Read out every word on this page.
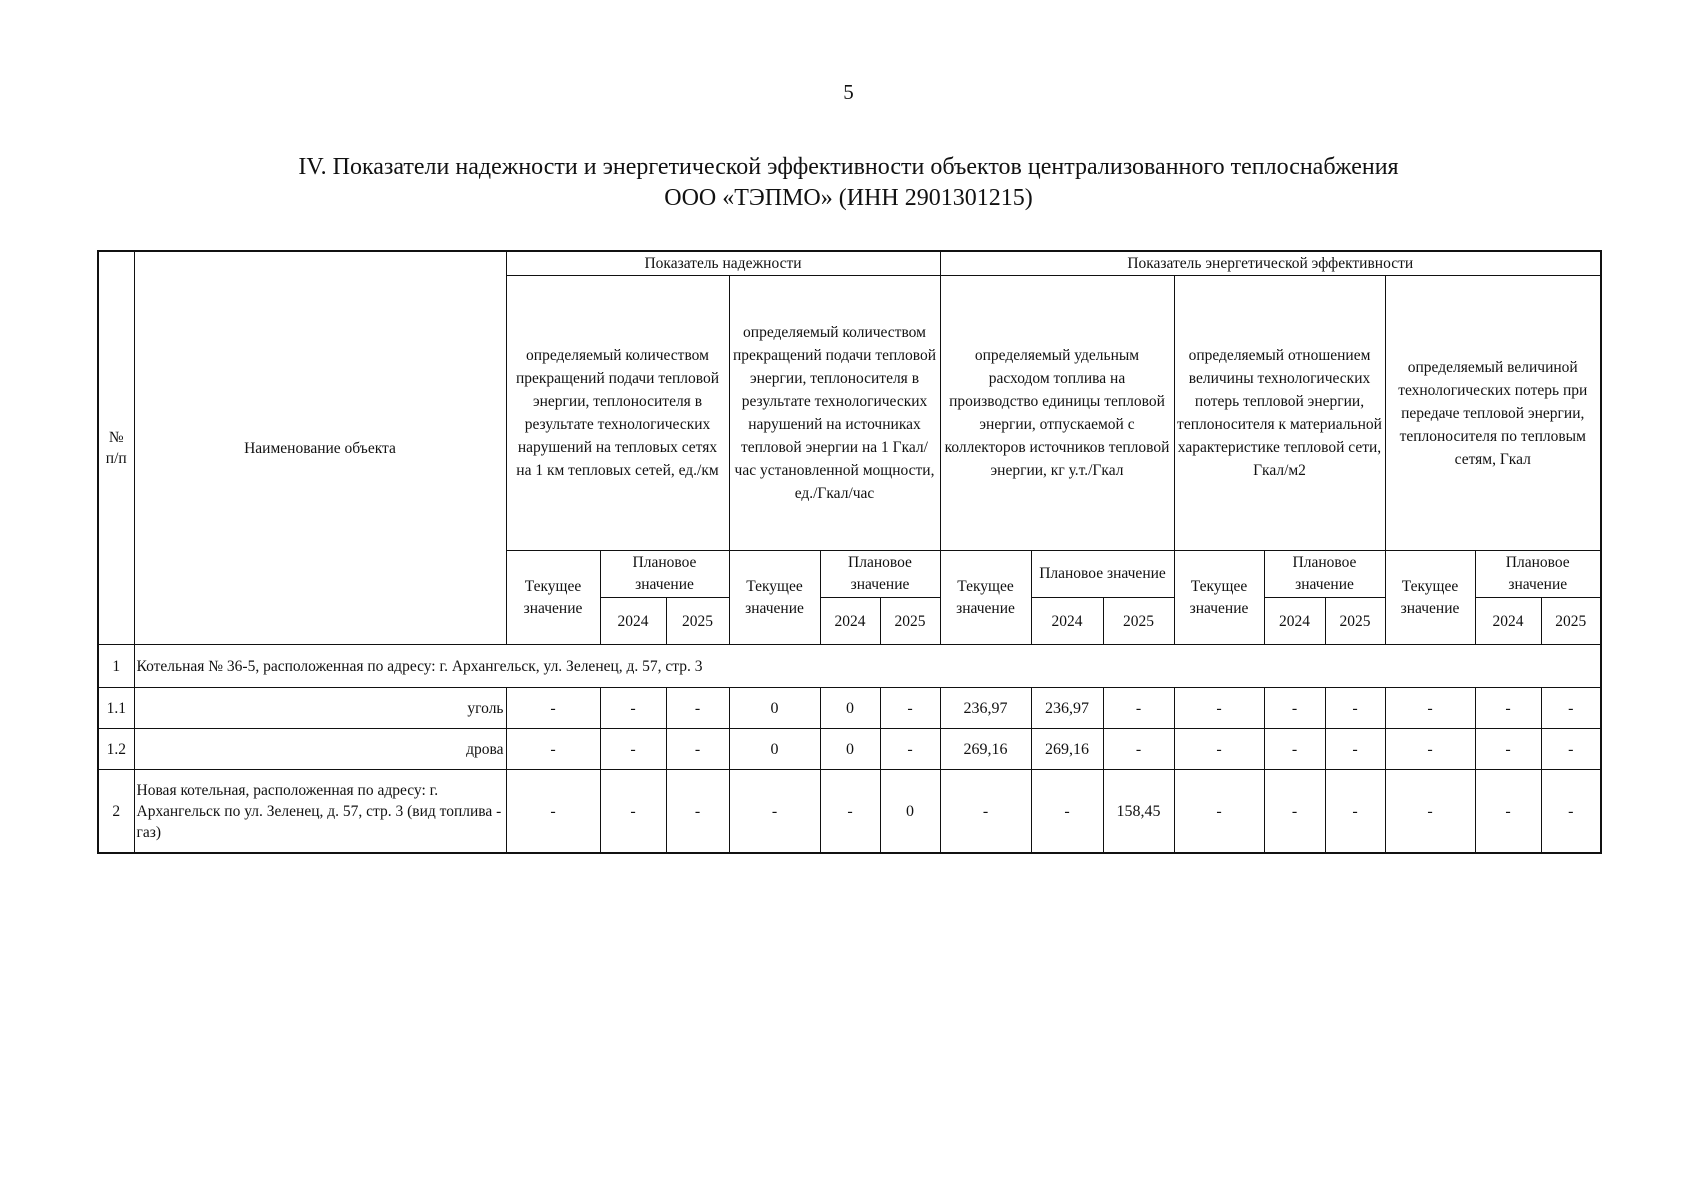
5
IV. Показатели надежности и энергетической эффективности объектов централизованного теплоснабжения
ООО «ТЭПМО» (ИНН 2901301215)
№ п/п	Наименование объекта	Показатель надежности						Показатель энергетической эффективности								
		определяемый количеством прекращений подачи тепловой энергии, теплоносителя в результате технологических нарушений на тепловых сетях на 1 км тепловых сетей, ед./км			определяемый количеством прекращений подачи тепловой энергии, теплоносителя в результате технологических нарушений на источниках тепловой энергии на 1 Гкал/час установленной мощности, ед./Гкал/час			определяемый удельным расходом топлива на производство единицы тепловой энергии, отпускаемой с коллекторов источников тепловой энергии, кг у.т./Гкал			определяемый отношением величины технологических потерь тепловой энергии, теплоносителя к материальной характеристике тепловой сети, Гкал/м2			определяемый величиной технологических потерь при передаче тепловой энергии, теплоносителя по тепловым сетям, Гкал		
		Текущее значение	Плановое значение		Текущее значение	Плановое значение		Текущее значение	Плановое значение		Текущее значение	Плановое значение		Текущее значение	Плановое значение	
			2024	2025		2024	2025		2024	2025		2024	2025		2024	2025
1	Котельная № 36-5, расположенная по адресу: г. Архангельск, ул. Зеленец, д. 57, стр. 3															
1.1	уголь	-	-	-	0	0	-	236,97	236,97	-	-	-	-	-	-	-
1.2	дрова	-	-	-	0	0	-	269,16	269,16	-	-	-	-	-	-	-
2	Новая котельная, расположенная по адресу: г. Архангельск по ул. Зеленец, д. 57, стр. 3 (вид топлива - газ)	-	-	-	-	-	0	-	-	158,45	-	-	-	-	-	-
